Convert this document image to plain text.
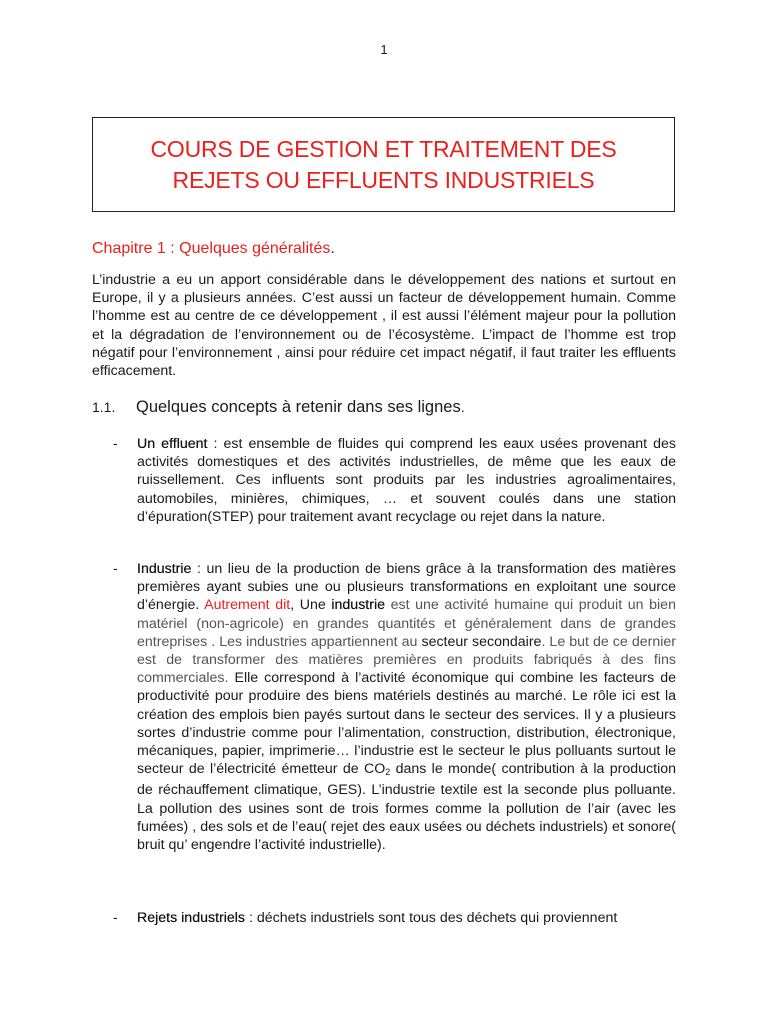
1
COURS DE GESTION ET TRAITEMENT DES
REJETS OU EFFLUENTS INDUSTRIELS
Chapitre 1 : Quelques généralités.

L’industrie a eu un apport considérable dans le développement des nations et surtout en Europe, il y a plusieurs années. C’est aussi un facteur de développement humain. Comme l’homme est au centre de ce développement , il est aussi l’élément majeur pour la pollution et la dégradation de l’environnement ou de l’écosystème. L’impact de l’homme est trop négatif pour l’environnement , ainsi pour réduire cet impact négatif, il faut traiter les effluents efficacement.

1.1. Quelques concepts à retenir dans ses lignes.
- Un effluent : est ensemble de fluides qui comprend les eaux usées provenant des activités domestiques et des activités industrielles, de même que les eaux de ruissellement. Ces influents sont produits par les industries agroalimentaires, automobiles, minières, chimiques, … et souvent coulés dans une station d’épuration(STEP) pour traitement avant recyclage ou rejet dans la nature.

- Industrie : un lieu de la production de biens grâce à la transformation des matières premières ayant subies une ou plusieurs transformations en exploitant une source d’énergie. Autrement dit, Une industrie est une activité humaine qui produit un bien matériel (non-agricole) en grandes quantités et généralement dans de grandes entreprises . Les industries appartiennent au secteur secondaire. Le but de ce dernier est de transformer des matières premières en produits fabriqués à des fins commerciales. Elle correspond à l’activité économique qui combine les facteurs de productivité pour produire des biens matériels destinés au marché. Le rôle ici est la création des emplois bien payés surtout dans le secteur des services. Il y a plusieurs sortes d’industrie comme pour l’alimentation, construction, distribution, électronique, mécaniques, papier, imprimerie… l’industrie est le secteur le plus polluants surtout le secteur de l’électricité émetteur de $CO_2$ dans le monde( contribution à la production de réchauffement climatique, GES). L’industrie textile est la seconde plus polluante. La pollution des usines sont de trois formes comme la pollution de l’air (avec les fumées) , des sols et de l’eau( rejet des eaux usées ou déchets industriels) et sonore( bruit qu’ engendre l’activité industrielle).

- Rejets industriels : déchets industriels sont tous des déchets qui proviennent
